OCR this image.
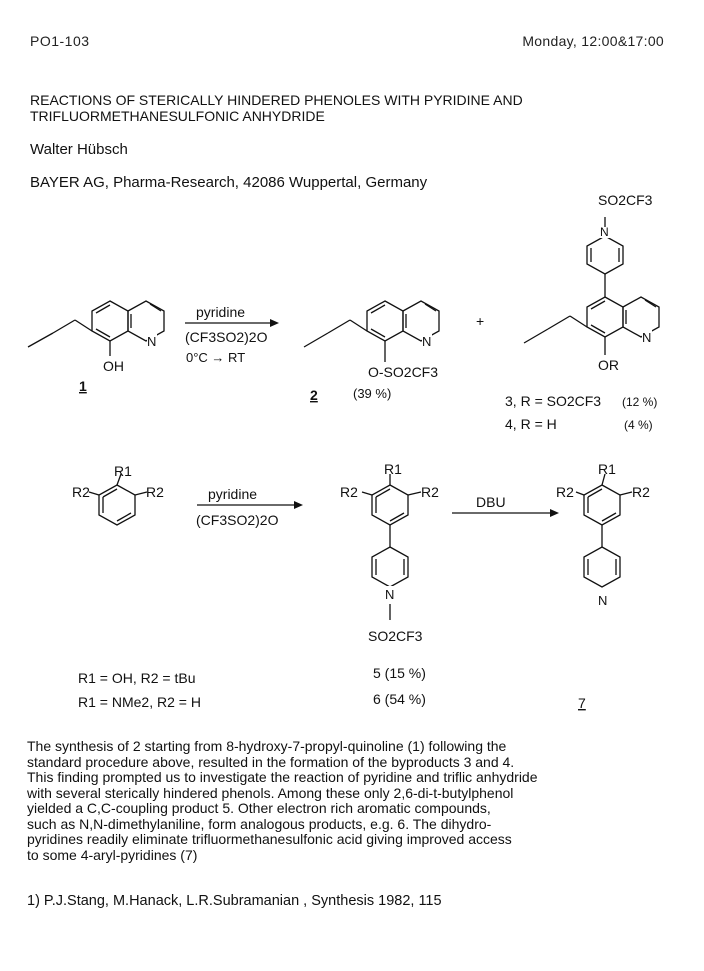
PO1-103	Monday, 12:00&17:00
REACTIONS OF STERICALLY HINDERED PHENOLES WITH PYRIDINE AND
TRIFLUORMETHANESULFONIC ANHYDRIDE
Walter Hübsch
BAYER AG, Pharma-Research, 42086 Wuppertal, Germany
N	N	N
N
OH
1
pyridine
(CF3SO2)2O
0°C → RT
O-SO2CF3
2	(39 %)
+
SO2CF3
OR
3, R = SO2CF3 (12 %)
4, R = H	(4 %)
R1
R2	R2	pyridine
(CF3SO2)2O
R1
R2	R2
N
SO2CF3
DBU
R1
R2	R2
N
R1 = OH, R2 = tBu
R1 = NMe2, R2 = H
5 (15 %)
6 (54 %)	7
The synthesis of 2 starting from 8-hydroxy-7-propyl-quinoline (1) following the
standard procedure above, resulted in the formation of the byproducts 3 and 4.
This finding prompted us to investigate the reaction of pyridine and triflic anhydride
with several sterically hindered phenols. Among these only 2,6-di-t-butylphenol
yielded a C,C-coupling product 5. Other electron rich aromatic compounds,
such as N,N-dimethylaniline, form analogous products, e.g. 6. The dihydro-
pyridines readily eliminate trifluormethanesulfonic acid giving improved access
to some 4-aryl-pyridines (7)
1) P.J.Stang, M.Hanack, L.R.Subramanian , Synthesis 1982, 115
